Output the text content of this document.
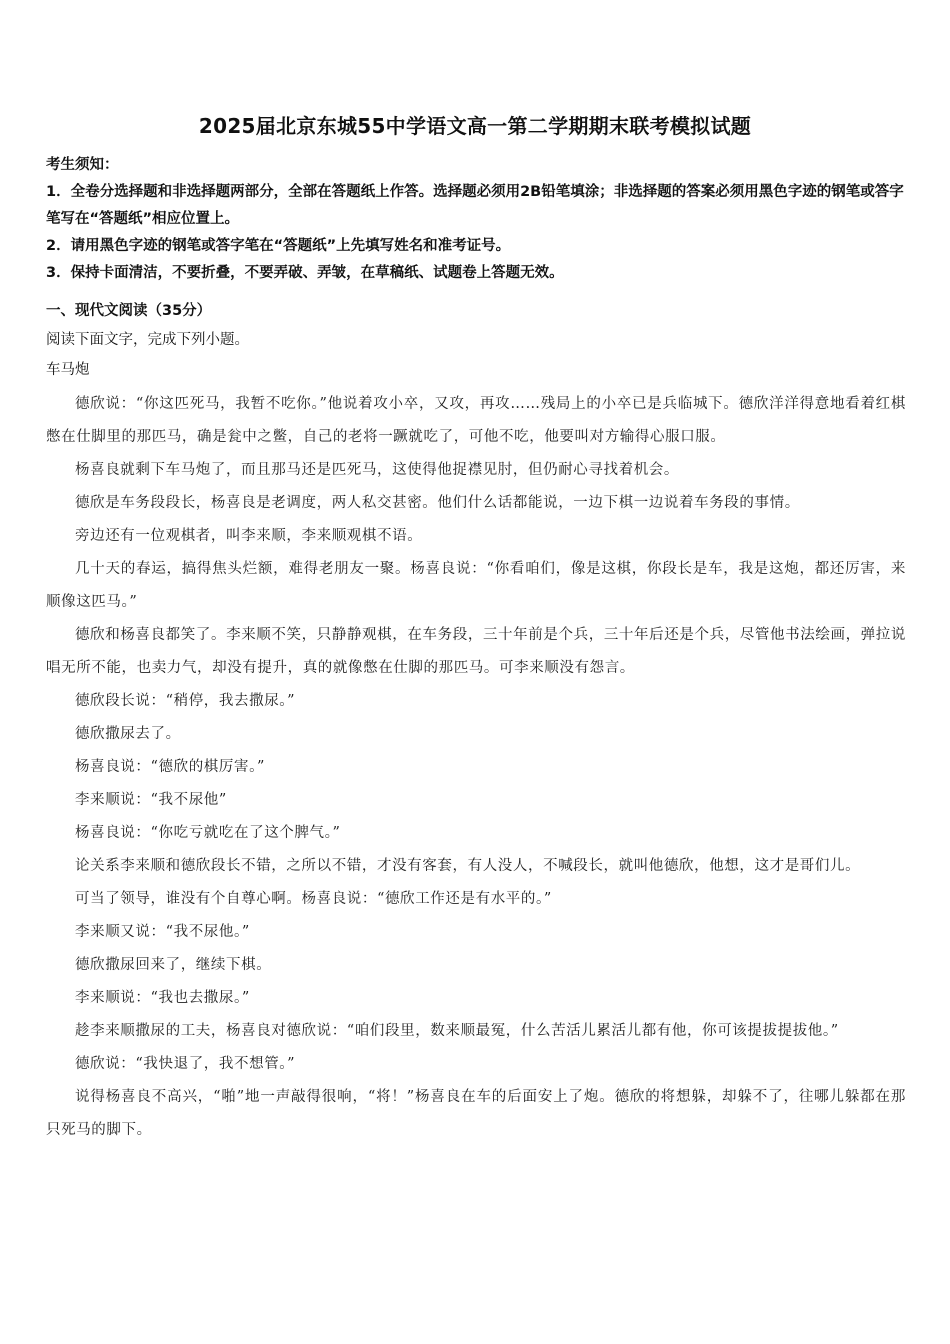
2025届北京东城55中学语文高一第二学期期末联考模拟试题

考生须知：

1．全卷分选择题和非选择题两部分，全部在答题纸上作答。选择题必须用2B铅笔填涂；非选择题的答案必须用黑色字迹的钢笔或答字笔写在“答题纸”相应位置上。

2．请用黑色字迹的钢笔或答字笔在“答题纸”上先填写姓名和准考证号。

3．保持卡面清洁，不要折叠，不要弄破、弄皱，在草稿纸、试题卷上答题无效。

一、现代文阅读（35分）

阅读下面文字，完成下列小题。

车马炮

德欣说：“你这匹死马，我暂不吃你。”他说着攻小卒，又攻，再攻……残局上的小卒已是兵临城下。德欣洋洋得意地看着红棋憋在仕脚里的那匹马，确是瓮中之鳖，自己的老将一蹶就吃了，可他不吃，他要叫对方输得心服口服。

杨喜良就剩下车马炮了，而且那马还是匹死马，这使得他捉襟见肘，但仍耐心寻找着机会。

德欣是车务段段长，杨喜良是老调度，两人私交甚密。他们什么话都能说，一边下棋一边说着车务段的事情。

旁边还有一位观棋者，叫李来顺，李来顺观棋不语。

几十天的春运，搞得焦头烂额，难得老朋友一聚。杨喜良说：“你看咱们，像是这棋，你段长是车，我是这炮，都还厉害，来顺像这匹马。”

德欣和杨喜良都笑了。李来顺不笑，只静静观棋，在车务段，三十年前是个兵，三十年后还是个兵，尽管他书法绘画，弹拉说唱无所不能，也卖力气，却没有提升，真的就像憋在仕脚的那匹马。可李来顺没有怨言。

德欣段长说：“稍停，我去撒尿。”

德欣撒尿去了。

杨喜良说：“德欣的棋厉害。”

李来顺说：“我不尿他”

杨喜良说：“你吃亏就吃在了这个脾气。”

论关系李来顺和德欣段长不错，之所以不错，才没有客套，有人没人，不喊段长，就叫他德欣，他想，这才是哥们儿。

可当了领导，谁没有个自尊心啊。杨喜良说：“德欣工作还是有水平的。”

李来顺又说：“我不尿他。”

德欣撒尿回来了，继续下棋。

李来顺说：“我也去撒尿。”

趁李来顺撒尿的工夫，杨喜良对德欣说：“咱们段里，数来顺最冤，什么苦活儿累活儿都有他，你可该提拔提拔他。”

德欣说：“我快退了，我不想管。”

说得杨喜良不高兴，“啪”地一声敲得很响，“将！”杨喜良在车的后面安上了炮。德欣的将想躲，却躲不了，往哪儿躲都在那只死马的脚下。
